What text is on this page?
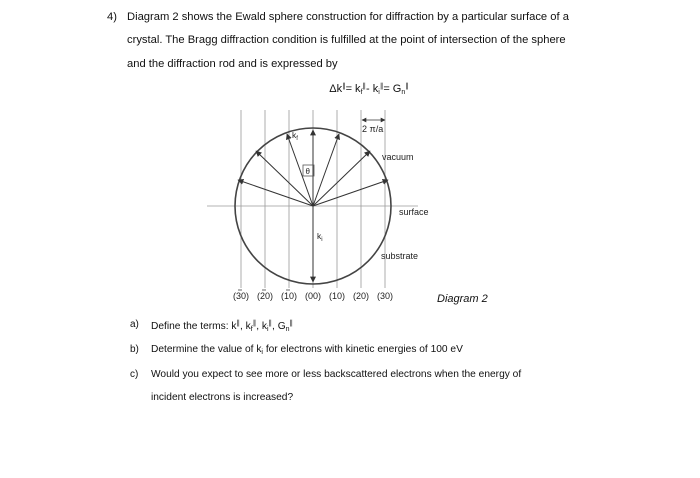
4) Diagram 2 shows the Ewald sphere construction for diffraction by a particular surface of a
crystal. The Bragg diffraction condition is fulfilled at the point of intersection of the sphere
and the diffraction rod and is expressed by
$\Delta k^\parallel= k_f^\parallel-$ $k_i^\parallel= G_n^\parallel$
θ
$k_f$
$k_i$
2 π/a
vacuum
surface
substrate
(30) (20) (10) (00) (10) (20) (30)	Diagram 2
a) Define the terms: k∥, $k_f^\parallel$, $k_i^\parallel$, $G_n^\parallel$
b) Determine the value of $k_i$ for electrons with kinetic energies of 100 eV
c) Would you expect to see more or less backscattered electrons when the energy of
incident electrons is increased?
